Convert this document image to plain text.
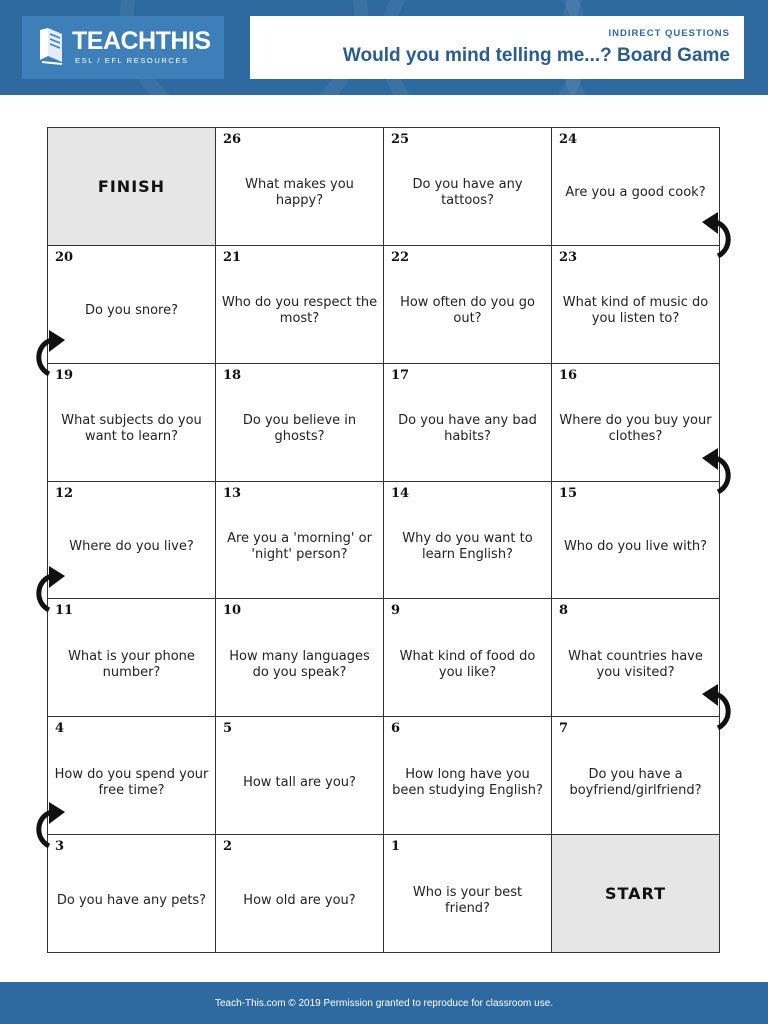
TEACHTHIS
ESL / EFL RESOURCES
INDIRECT QUESTIONS
Would you mind telling me...? Board Game
FINISH
26
What makes you happy?
25
Do you have any tattoos?
24
Are you a good cook?
20
Do you snore?
21
Who do you respect the most?
22
How often do you go out?
23
What kind of music do you listen to?
19
What subjects do you want to learn?
18
Do you believe in ghosts?
17
Do you have any bad habits?
16
Where do you buy your clothes?
12
Where do you live?
13
Are you a 'morning' or 'night' person?
14
Why do you want to learn English?
15
Who do you live with?
11
What is your phone number?
10
How many languages do you speak?
9
What kind of food do you like?
8
What countries have you visited?
4
How do you spend your free time?
5
How tall are you?
6
How long have you been studying English?
7
Do you have a boyfriend/girlfriend?
3
Do you have any pets?
2
How old are you?
1
Who is your best friend?
START
Teach-This.com © 2019 Permission granted to reproduce for classroom use.
